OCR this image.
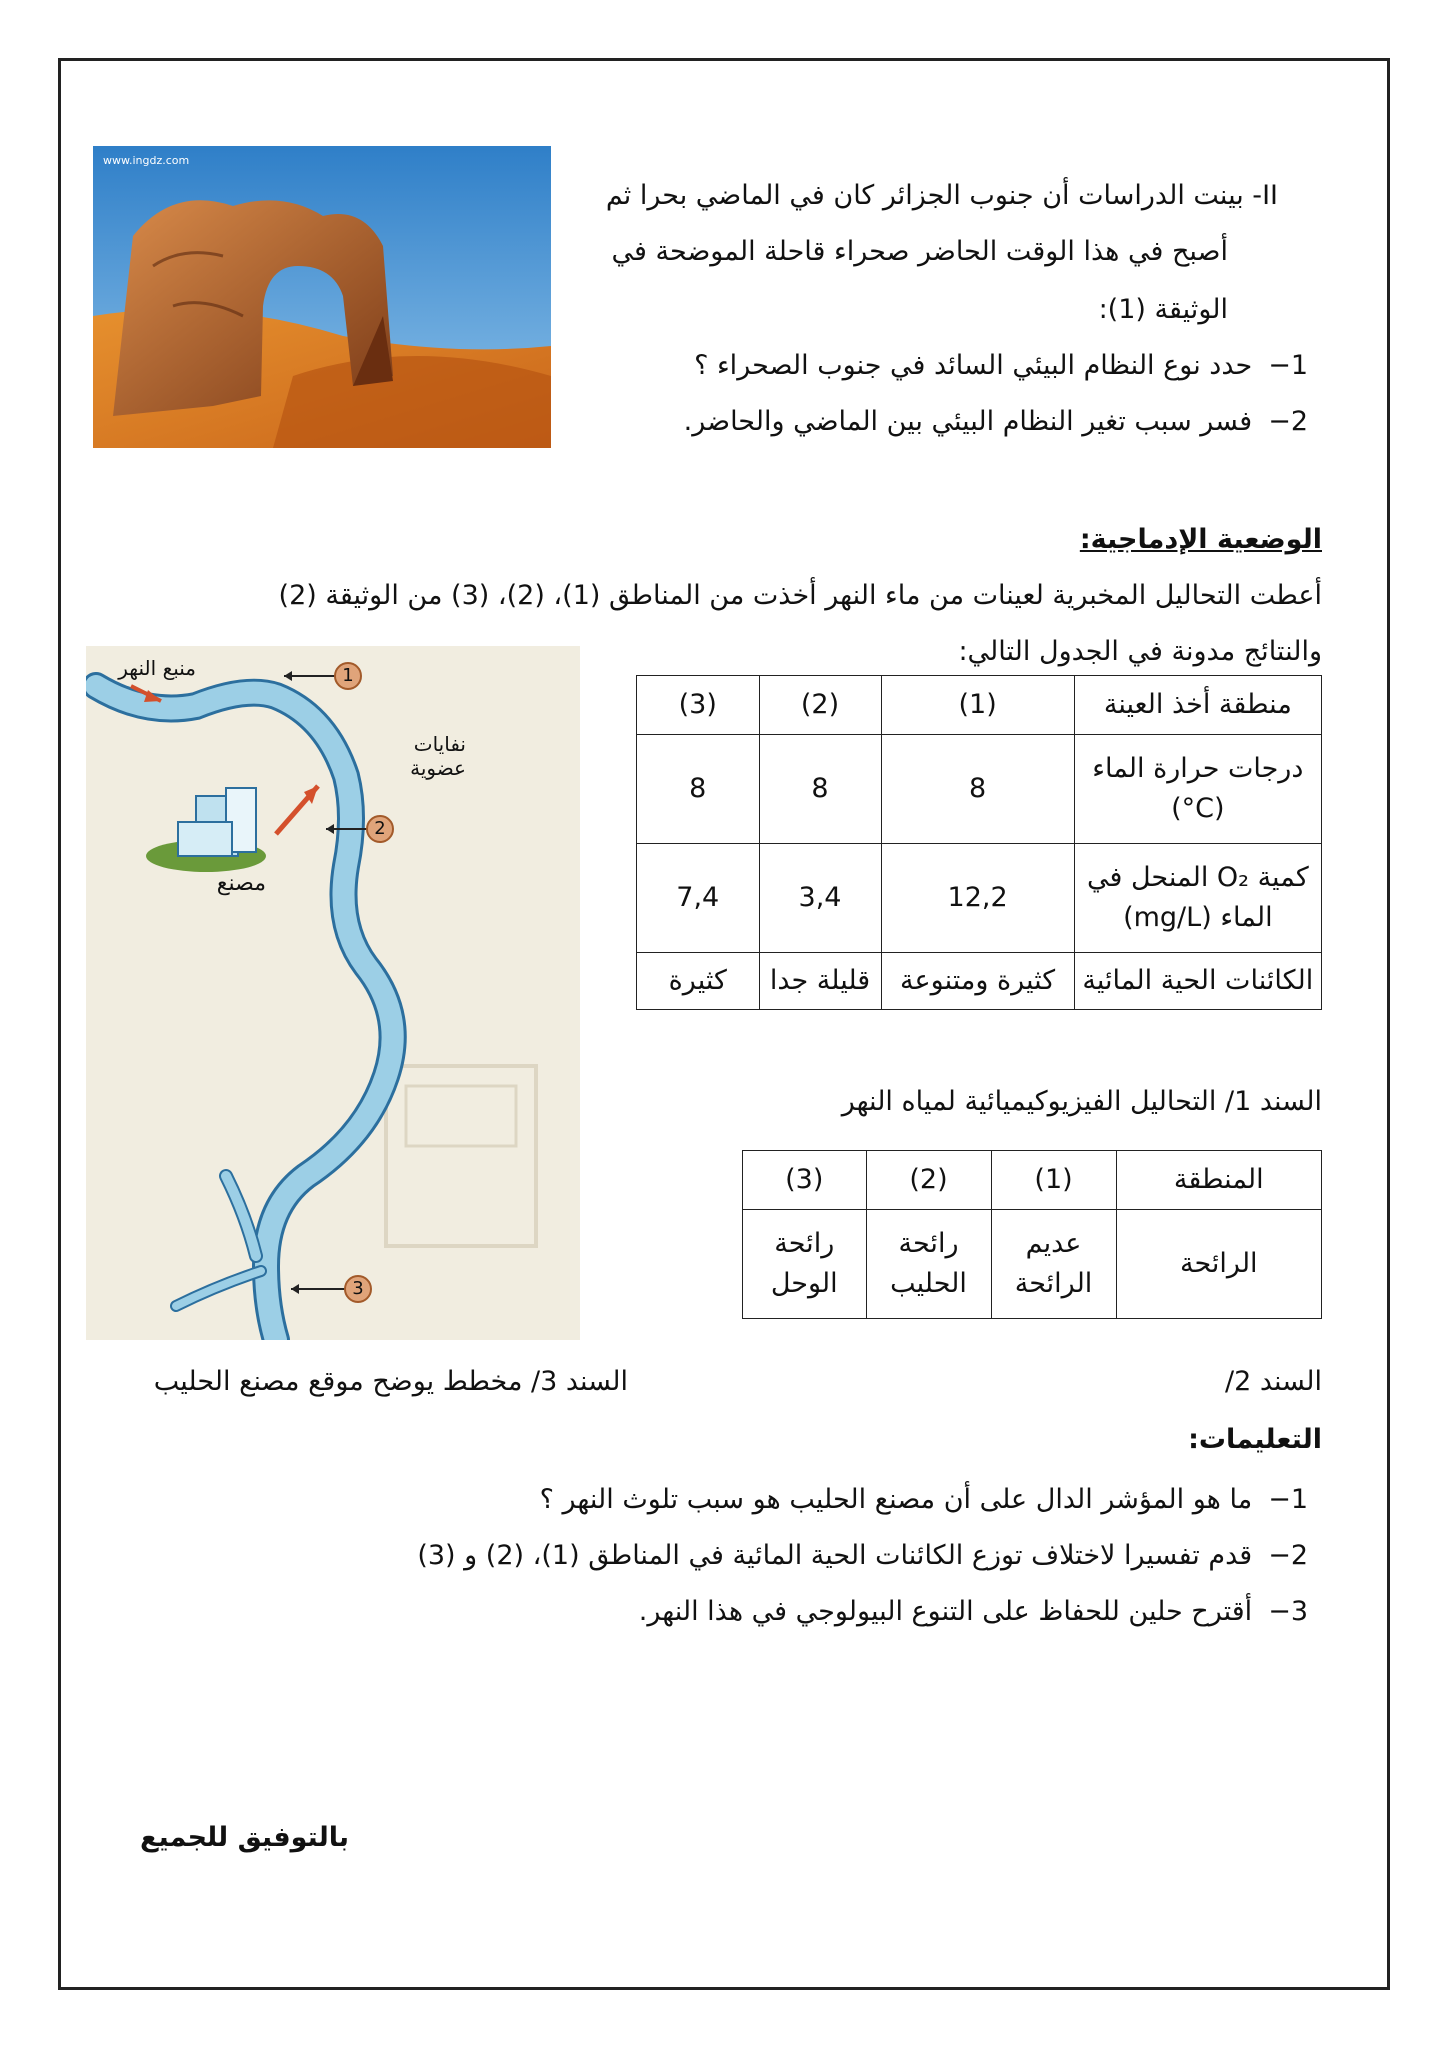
II- بينت الدراسات أن جنوب الجزائر كان في الماضي بحرا ثم
أصبح في هذا الوقت الحاضر صحراء قاحلة الموضحة في
الوثيقة (1):
1−
حدد نوع النظام البيئي السائد في جنوب الصحراء ؟
2−
فسر سبب تغير النظام البيئي بين الماضي والحاضر.
www.ingdz.com
الوضعية الإدماجية:
أعطت التحاليل المخبرية لعينات من ماء النهر أخذت من المناطق (1)، (2)، (3) من الوثيقة (2)
والنتائج مدونة في الجدول التالي:
منطقة أخذ العينة	(1)	(2)	(3)
درجات حرارة الماء (C°)	8	8	8
كمية O₂ المنحل في الماء (mg/L)	12,2	3,4	7,4
الكائنات الحية المائية	كثيرة ومتنوعة	قليلة جدا	كثيرة
السند 1/ التحاليل الفيزيوكيميائية لمياه النهر
المنطقة	(1)	(2)	(3)
الرائحة	عديم الرائحة	رائحة الحليب	رائحة الوحل
1
2
3
منبع النهر
نفايات
عضوية
مصنع
السند 2/
السند 3/ مخطط يوضح موقع مصنع الحليب
التعليمات:
1−
ما هو المؤشر الدال على أن مصنع الحليب هو سبب تلوث النهر ؟
2−
قدم تفسيرا لاختلاف توزع الكائنات الحية المائية في المناطق (1)، (2) و (3)
3−
أقترح حلين للحفاظ على التنوع البيولوجي في هذا النهر.
بالتوفيق للجميع
